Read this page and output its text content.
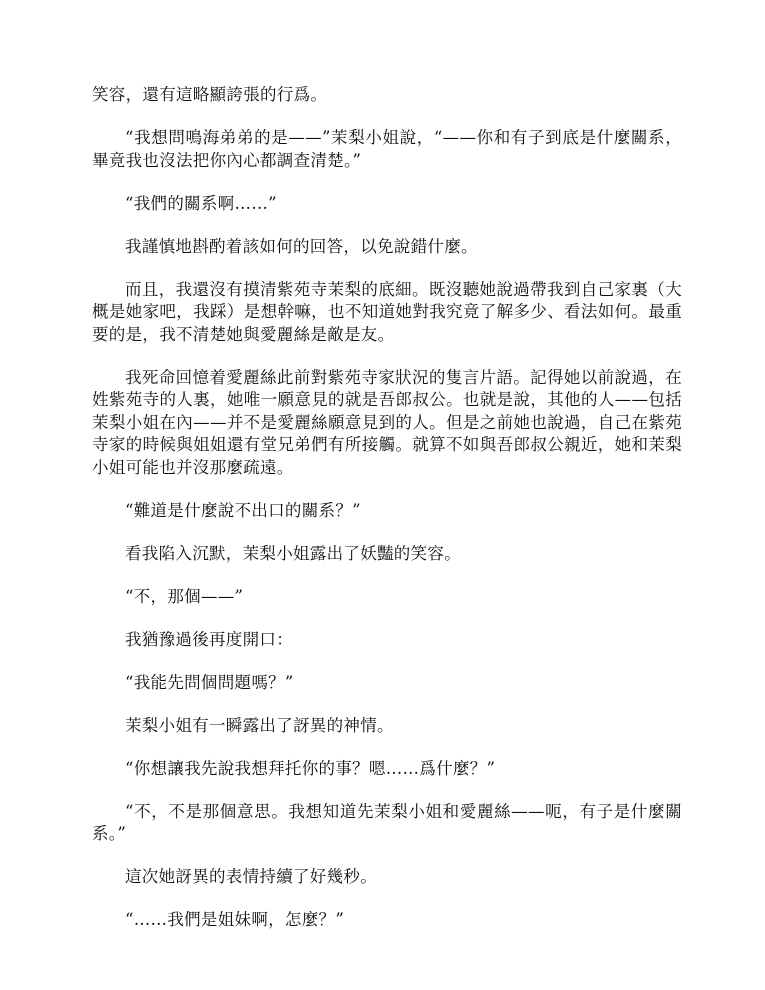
笑容，還有這略顯誇張的行爲。

“我想問鳴海弟弟的是——”茉梨小姐說，“——你和有子到底是什麼關系，畢竟我也沒法把你內心都調查清楚。”

“我們的關系啊……”

我謹慎地斟酌着該如何的回答，以免說錯什麼。

而且，我還沒有摸清紫苑寺茉梨的底細。既沒聽她說過帶我到自己家裏（大概是她家吧，我踩）是想幹嘛，也不知道她對我究竟了解多少、看法如何。最重要的是，我不清楚她與愛麗絲是敵是友。

我死命回憶着愛麗絲此前對紫苑寺家狀況的隻言片語。記得她以前說過，在姓紫苑寺的人裏，她唯一願意見的就是吾郎叔公。也就是說，其他的人——包括茉梨小姐在內——并不是愛麗絲願意見到的人。但是之前她也說過，自己在紫苑寺家的時候與姐姐還有堂兄弟們有所接觸。就算不如與吾郎叔公親近，她和茉梨小姐可能也并沒那麼疏遠。

“難道是什麼說不出口的關系？”

看我陷入沉默，茉梨小姐露出了妖豔的笑容。

“不，那個——”

我猶豫過後再度開口：

“我能先問個問題嗎？”

茉梨小姐有一瞬露出了訝異的神情。

“你想讓我先說我想拜托你的事？嗯……爲什麼？”

“不，不是那個意思。我想知道先茉梨小姐和愛麗絲——呃，有子是什麼關系。”

這次她訝異的表情持續了好幾秒。

“……我們是姐妹啊，怎麼？”
